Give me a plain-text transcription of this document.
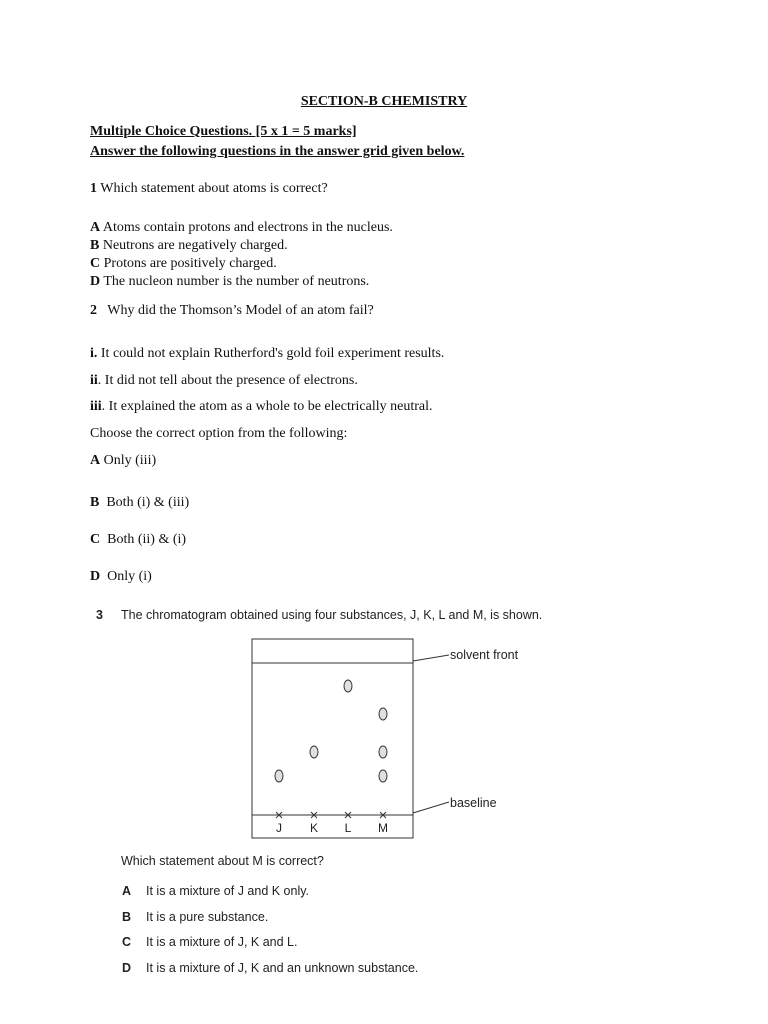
SECTION-B CHEMISTRY
Multiple Choice Questions. [5 x 1 = 5 marks]
Answer the following questions in the answer grid given below.
1 Which statement about atoms is correct?
A Atoms contain protons and electrons in the nucleus.
B Neutrons are negatively charged.
C Protons are positively charged.
D The nucleon number is the number of neutrons.
2 Why did the Thomson’s Model of an atom fail?
i. It could not explain Rutherford's gold foil experiment results.
ii. It did not tell about the presence of electrons.
iii. It explained the atom as a whole to be electrically neutral.
Choose the correct option from the following:
A Only (iii)
B Both (i) & (iii)
C Both (ii) & (i)
D Only (i)
3 The chromatogram obtained using four substances, J, K, L and M, is shown.
J K L M
solvent front
baseline
Which statement about M is correct?
A It is a mixture of J and K only.
B It is a pure substance.
C It is a mixture of J, K and L.
D It is a mixture of J, K and an unknown substance.
